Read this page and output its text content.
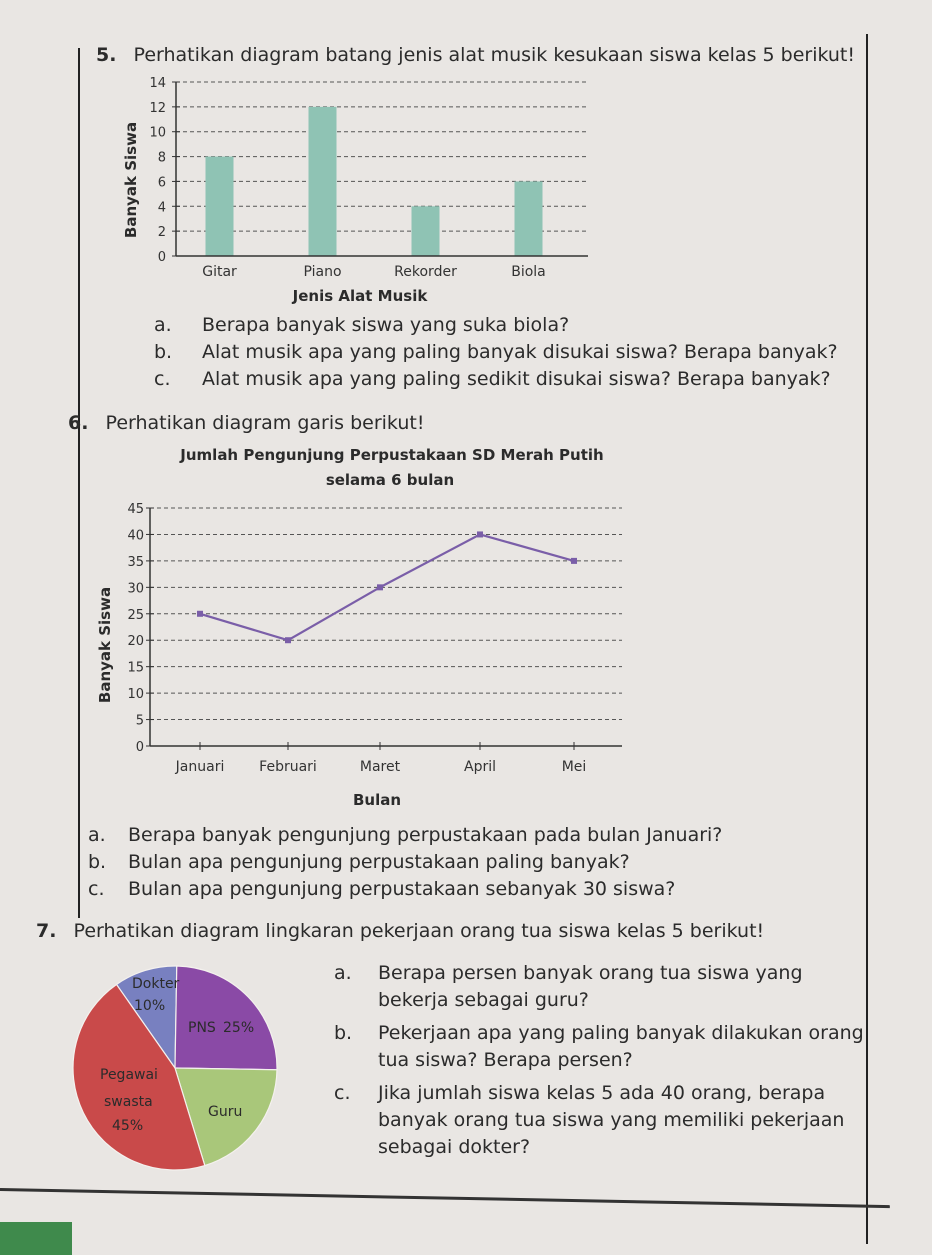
5. Perhatikan diagram batang jenis alat musik kesukaan siswa kelas 5 berikut!
0
2
4
6
8
10
12
14
Gitar	Piano	Rekorder	Biola
Jenis Alat Musik
Banyak Siswa
a. Berapa banyak siswa yang suka biola?
b. Alat musik apa yang paling banyak disukai siswa? Berapa banyak?
c. Alat musik apa yang paling sedikit disukai siswa? Berapa banyak?
6. Perhatikan diagram garis berikut!
Jumlah Pengunjung Perpustakaan SD Merah Putih
selama 6 bulan
0
5
10
15
20
25
30
35
40
45
Januari Februari	Maret	April	Mei
Bulan
Banyak Siswa
a. Berapa banyak pengunjung perpustakaan pada bulan Januari?
b. Bulan apa pengunjung perpustakaan paling banyak?
c. Bulan apa pengunjung perpustakaan sebanyak 30 siswa?
7. Perhatikan diagram lingkaran pekerjaan orang tua siswa kelas 5 berikut!
Dokter
10%
PNS 25%
Guru
Pegawai
swasta
45%
a.	Berapa persen banyak orang tua siswa yang bekerja sebagai guru?
b.	Pekerjaan apa yang paling banyak dilakukan orang tua siswa? Berapa persen?
c.	Jika jumlah siswa kelas 5 ada 40 orang, berapa banyak orang tua siswa yang memiliki pekerjaan sebagai dokter?
